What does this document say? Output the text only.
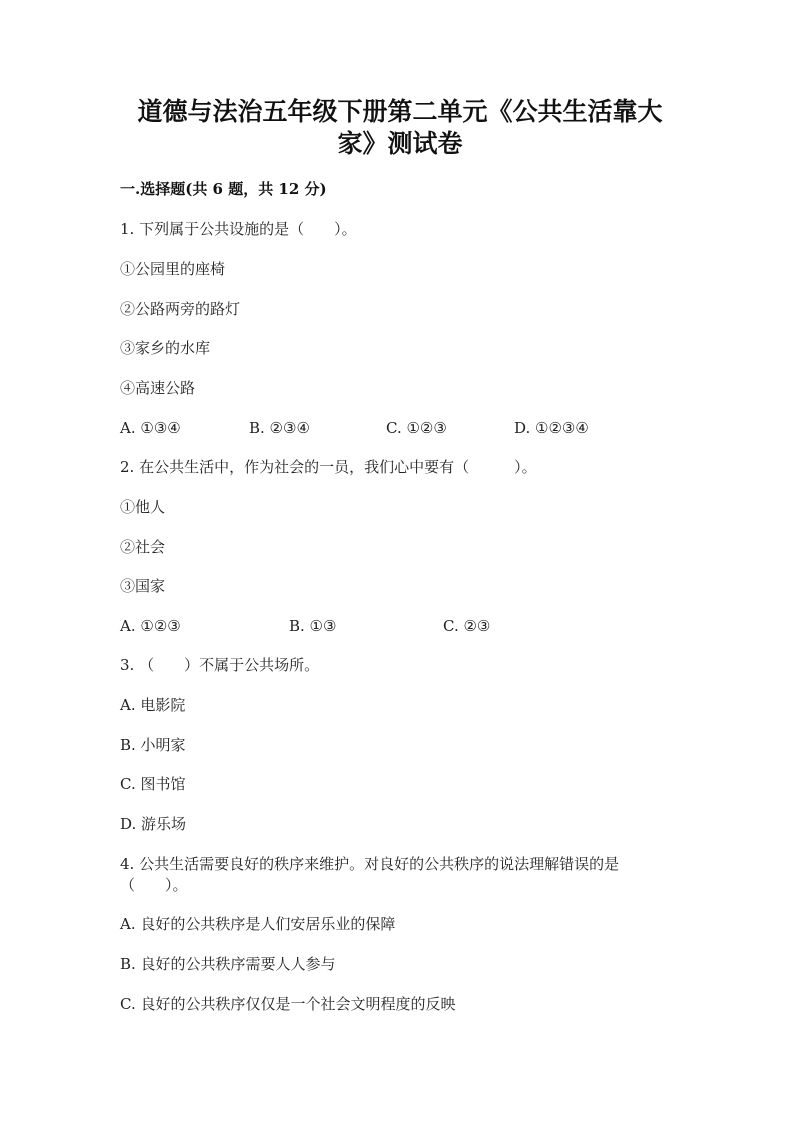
道德与法治五年级下册第二单元《公共生活靠大
家》测试卷
一.选择题(共 6 题，共 12 分)
1. 下列属于公共设施的是（　　）。
①公园里的座椅
②公路两旁的路灯
③家乡的水库
④高速公路
A. ①③④	B. ②③④	C. ①②③	D. ①②③④
2. 在公共生活中，作为社会的一员，我们心中要有（　　　）。
①他人
②社会
③国家
A. ①②③	B. ①③	C. ②③
3. （　　）不属于公共场所。
A. 电影院
B. 小明家
C. 图书馆
D. 游乐场
4. 公共生活需要良好的秩序来维护。对良好的公共秩序的说法理解错误的是
（　　）。
A. 良好的公共秩序是人们安居乐业的保障
B. 良好的公共秩序需要人人参与
C. 良好的公共秩序仅仅是一个社会文明程度的反映
